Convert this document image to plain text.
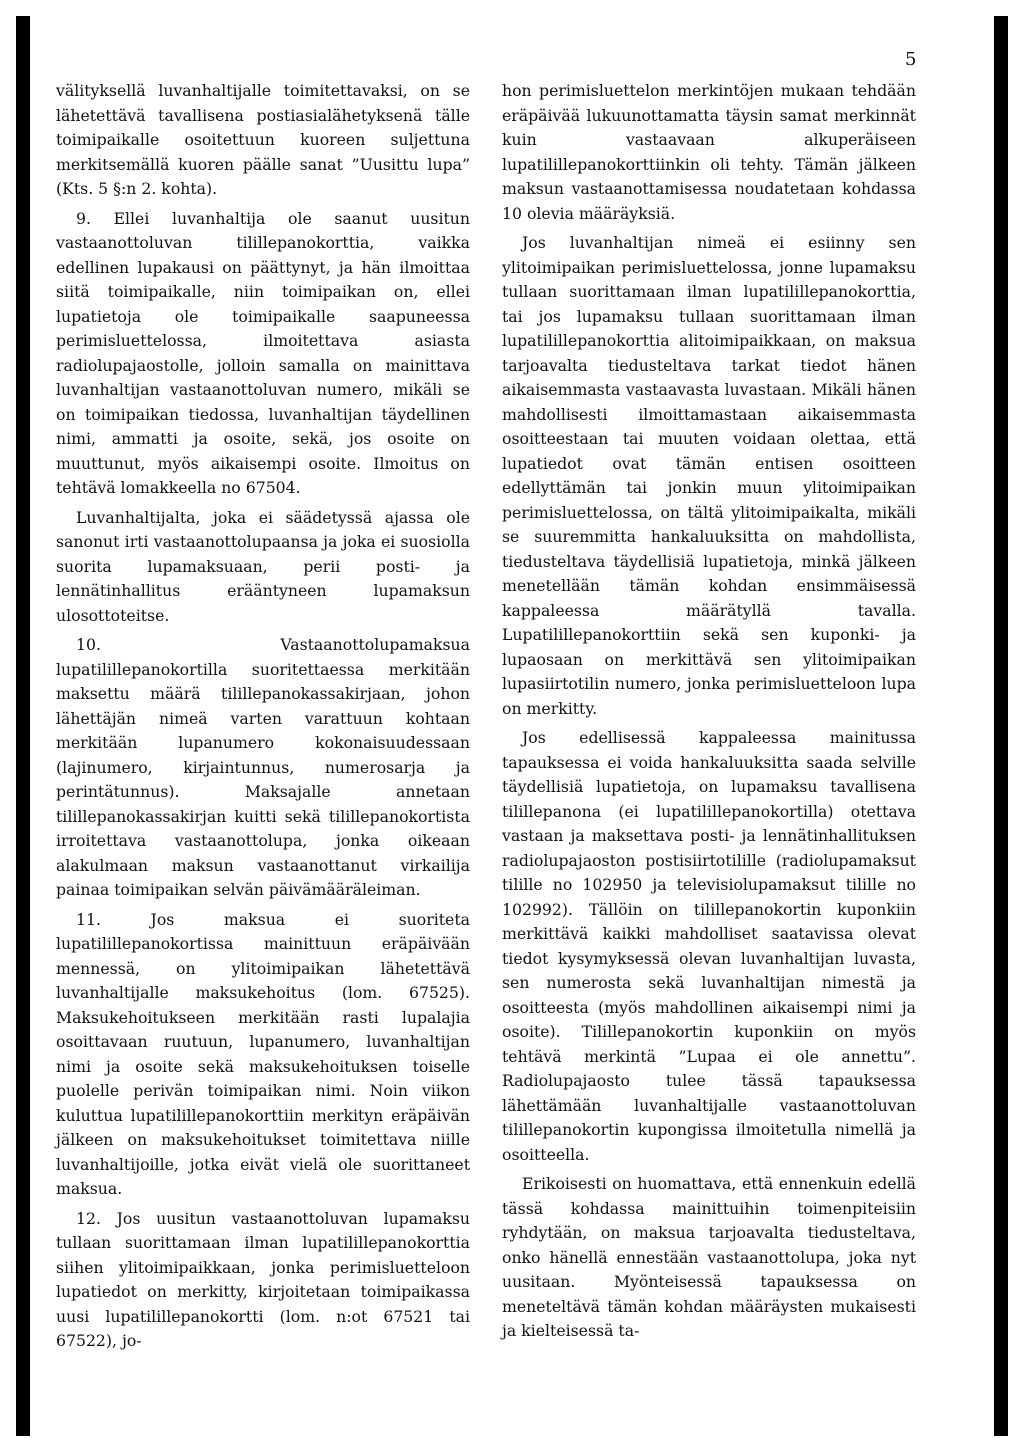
5

välityksellä luvanhaltijalle toimitettavaksi, on se lähetettävä tavallisena postiasialähetyksenä tälle toimipaikalle osoitettuun kuoreen suljettuna merkitsemällä kuoren päälle sanat ”Uusittu lupa” (Kts. 5 §:n 2. kohta).

9. Ellei luvanhaltija ole saanut uusitun vastaanottoluvan tilillepanokorttia, vaikka edellinen lupakausi on päättynyt, ja hän ilmoittaa siitä toimipaikalle, niin toimipaikan on, ellei lupatietoja ole toimipaikalle saapuneessa perimisluettelossa, ilmoitettava asiasta radiolupajaostolle, jolloin samalla on mainittava luvanhaltijan vastaanottoluvan numero, mikäli se on toimipaikan tiedossa, luvanhaltijan täydellinen nimi, ammatti ja osoite, sekä, jos osoite on muuttunut, myös aikaisempi osoite. Ilmoitus on tehtävä lomakkeella no 67504.

Luvanhaltijalta, joka ei säädetyssä ajassa ole sanonut irti vastaanottolupaansa ja joka ei suosiolla suorita lupamaksuaan, perii posti- ja lennätinhallitus erääntyneen lupamaksun ulosottoteitse.

10. Vastaanottolupamaksua lupatilillepanokortilla suoritettaessa merkitään maksettu määrä tilillepanokassakirjaan, johon lähettäjän nimeä varten varattuun kohtaan merkitään lupanumero kokonaisuudessaan (lajinumero, kirjaintunnus, numerosarja ja perintätunnus). Maksajalle annetaan tilillepanokassakirjan kuitti sekä tilillepanokortista irroitettava vastaanottolupa, jonka oikeaan alakulmaan maksun vastaanottanut virkailija painaa toimipaikan selvän päivämääräleiman.

11. Jos maksua ei suoriteta lupatilillepanokortissa mainittuun eräpäivään mennessä, on ylitoimipaikan lähetettävä luvanhaltijalle maksukehoitus (lom. 67525). Maksukehoitukseen merkitään rasti lupalajia osoittavaan ruutuun, lupanumero, luvanhaltijan nimi ja osoite sekä maksukehoituksen toiselle puolelle perivän toimipaikan nimi. Noin viikon kuluttua lupatilillepanokorttiin merkityn eräpäivän jälkeen on maksukehoitukset toimitettava niille luvanhaltijoille, jotka eivät vielä ole suorittaneet maksua.

12. Jos uusitun vastaanottoluvan lupamaksu tullaan suorittamaan ilman lupatilillepanokorttia siihen ylitoimipaikkaan, jonka perimisluetteloon lupatiedot on merkitty, kirjoitetaan toimipaikassa uusi lupatilillepanokortti (lom. n:ot 67521 tai 67522), jo-

hon perimisluettelon merkintöjen mukaan tehdään eräpäivää lukuunottamatta täysin samat merkinnät kuin vastaavaan alkuperäiseen lupatilillepanokorttiinkin oli tehty. Tämän jälkeen maksun vastaanottamisessa noudatetaan kohdassa 10 olevia määräyksiä.

Jos luvanhaltijan nimeä ei esiinny sen ylitoimipaikan perimisluettelossa, jonne lupamaksu tullaan suorittamaan ilman lupatilillepanokorttia, tai jos lupamaksu tullaan suorittamaan ilman lupatilillepanokorttia alitoimipaikkaan, on maksua tarjoavalta tiedusteltava tarkat tiedot hänen aikaisemmasta vastaavasta luvastaan. Mikäli hänen mahdollisesti ilmoittamastaan aikaisemmasta osoitteestaan tai muuten voidaan olettaa, että lupatiedot ovat tämän entisen osoitteen edellyttämän tai jonkin muun ylitoimipaikan perimisluettelossa, on tältä ylitoimipaikalta, mikäli se suuremmitta hankaluuksitta on mahdollista, tiedusteltava täydellisiä lupatietoja, minkä jälkeen menetellään tämän kohdan ensimmäisessä kappaleessa määrätyllä tavalla. Lupatilillepanokorttiin sekä sen kuponki- ja lupaosaan on merkittävä sen ylitoimipaikan lupasiirtotilin numero, jonka perimisluetteloon lupa on merkitty.

Jos edellisessä kappaleessa mainitussa tapauksessa ei voida hankaluuksitta saada selville täydellisiä lupatietoja, on lupamaksu tavallisena tilillepanona (ei lupatilillepanokortilla) otettava vastaan ja maksettava posti- ja lennätinhallituksen radiolupajaoston postisiirtotilille (radiolupamaksut tilille no 102950 ja televisiolupamaksut tilille no 102992). Tällöin on tilillepanokortin kuponkiin merkittävä kaikki mahdolliset saatavissa olevat tiedot kysymyksessä olevan luvanhaltijan luvasta, sen numerosta sekä luvanhaltijan nimestä ja osoitteesta (myös mahdollinen aikaisempi nimi ja osoite). Tilillepanokortin kuponkiin on myös tehtävä merkintä ”Lupaa ei ole annettu”. Radiolupajaosto tulee tässä tapauksessa lähettämään luvanhaltijalle vastaanottoluvan tilillepanokortin kupongissa ilmoitetulla nimellä ja osoitteella.

Erikoisesti on huomattava, että ennenkuin edellä tässä kohdassa mainittuihin toimenpiteisiin ryhdytään, on maksua tarjoavalta tiedusteltava, onko hänellä ennestään vastaanottolupa, joka nyt uusitaan. Myönteisessä tapauksessa on meneteltävä tämän kohdan määräysten mukaisesti ja kielteisessä ta-
